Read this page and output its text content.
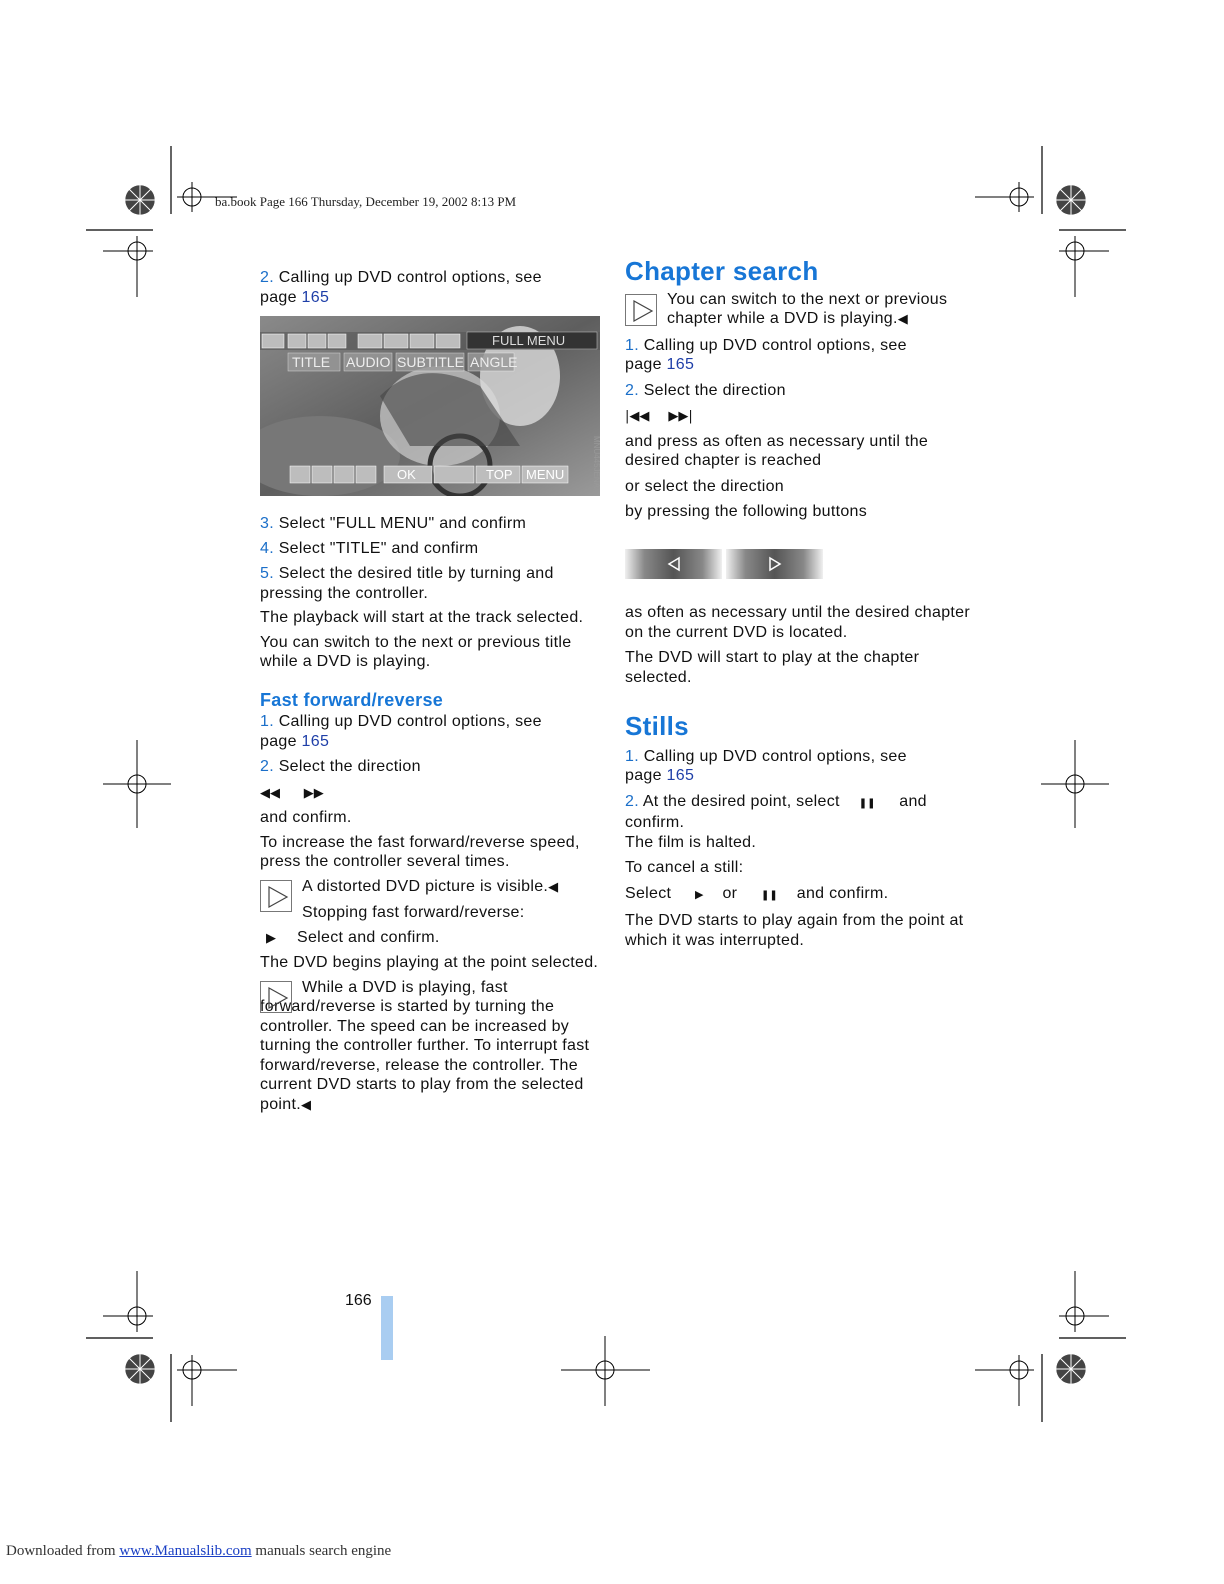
ba.book Page 166 Thursday, December 19, 2002 8:13 PM

2. Calling up DVD control options, see
page 165

FULL MENU
TITLE AUDIO SUBTITLE ANGLE
OK	TOP MENU	MNU445JENA

3. Select "FULL MENU" and confirm

4. Select "TITLE" and confirm

5. Select the desired title by turning and pressing the controller.

The playback will start at the track selected.

You can switch to the next or previous title while a DVD is playing.

Fast forward/reverse

1. Calling up DVD control options, see
page 165

2. Select the direction

◀◀ ▶▶

and confirm.

To increase the fast forward/reverse speed, press the controller several times.

A distorted DVD picture is visible.◀

Stopping fast forward/reverse:

▶ Select and confirm.

The DVD begins playing at the point selected.

While a DVD is playing, fast forward/reverse is started by turning the controller. The speed can be increased by turning the controller further. To interrupt fast forward/reverse, release the controller. The current DVD starts to play from the selected point.◀

Chapter search

You can switch to the next or previous chapter while a DVD is playing.◀

1. Calling up DVD control options, see
page 165

2. Select the direction

|◀◀ ▶▶|

and press as often as necessary until the desired chapter is reached

or select the direction

by pressing the following buttons

as often as necessary until the desired chapter on the current DVD is located.

The DVD will start to play at the chapter selected.

Stills

1. Calling up DVD control options, see
page 165

2. At the desired point, select ❚❚ and
confirm.
The film is halted.

To cancel a still:

Select ▶ or ❚❚ and confirm.

The DVD starts to play again from the point at which it was interrupted.

166
Downloaded from www.Manualslib.com manuals search engine
